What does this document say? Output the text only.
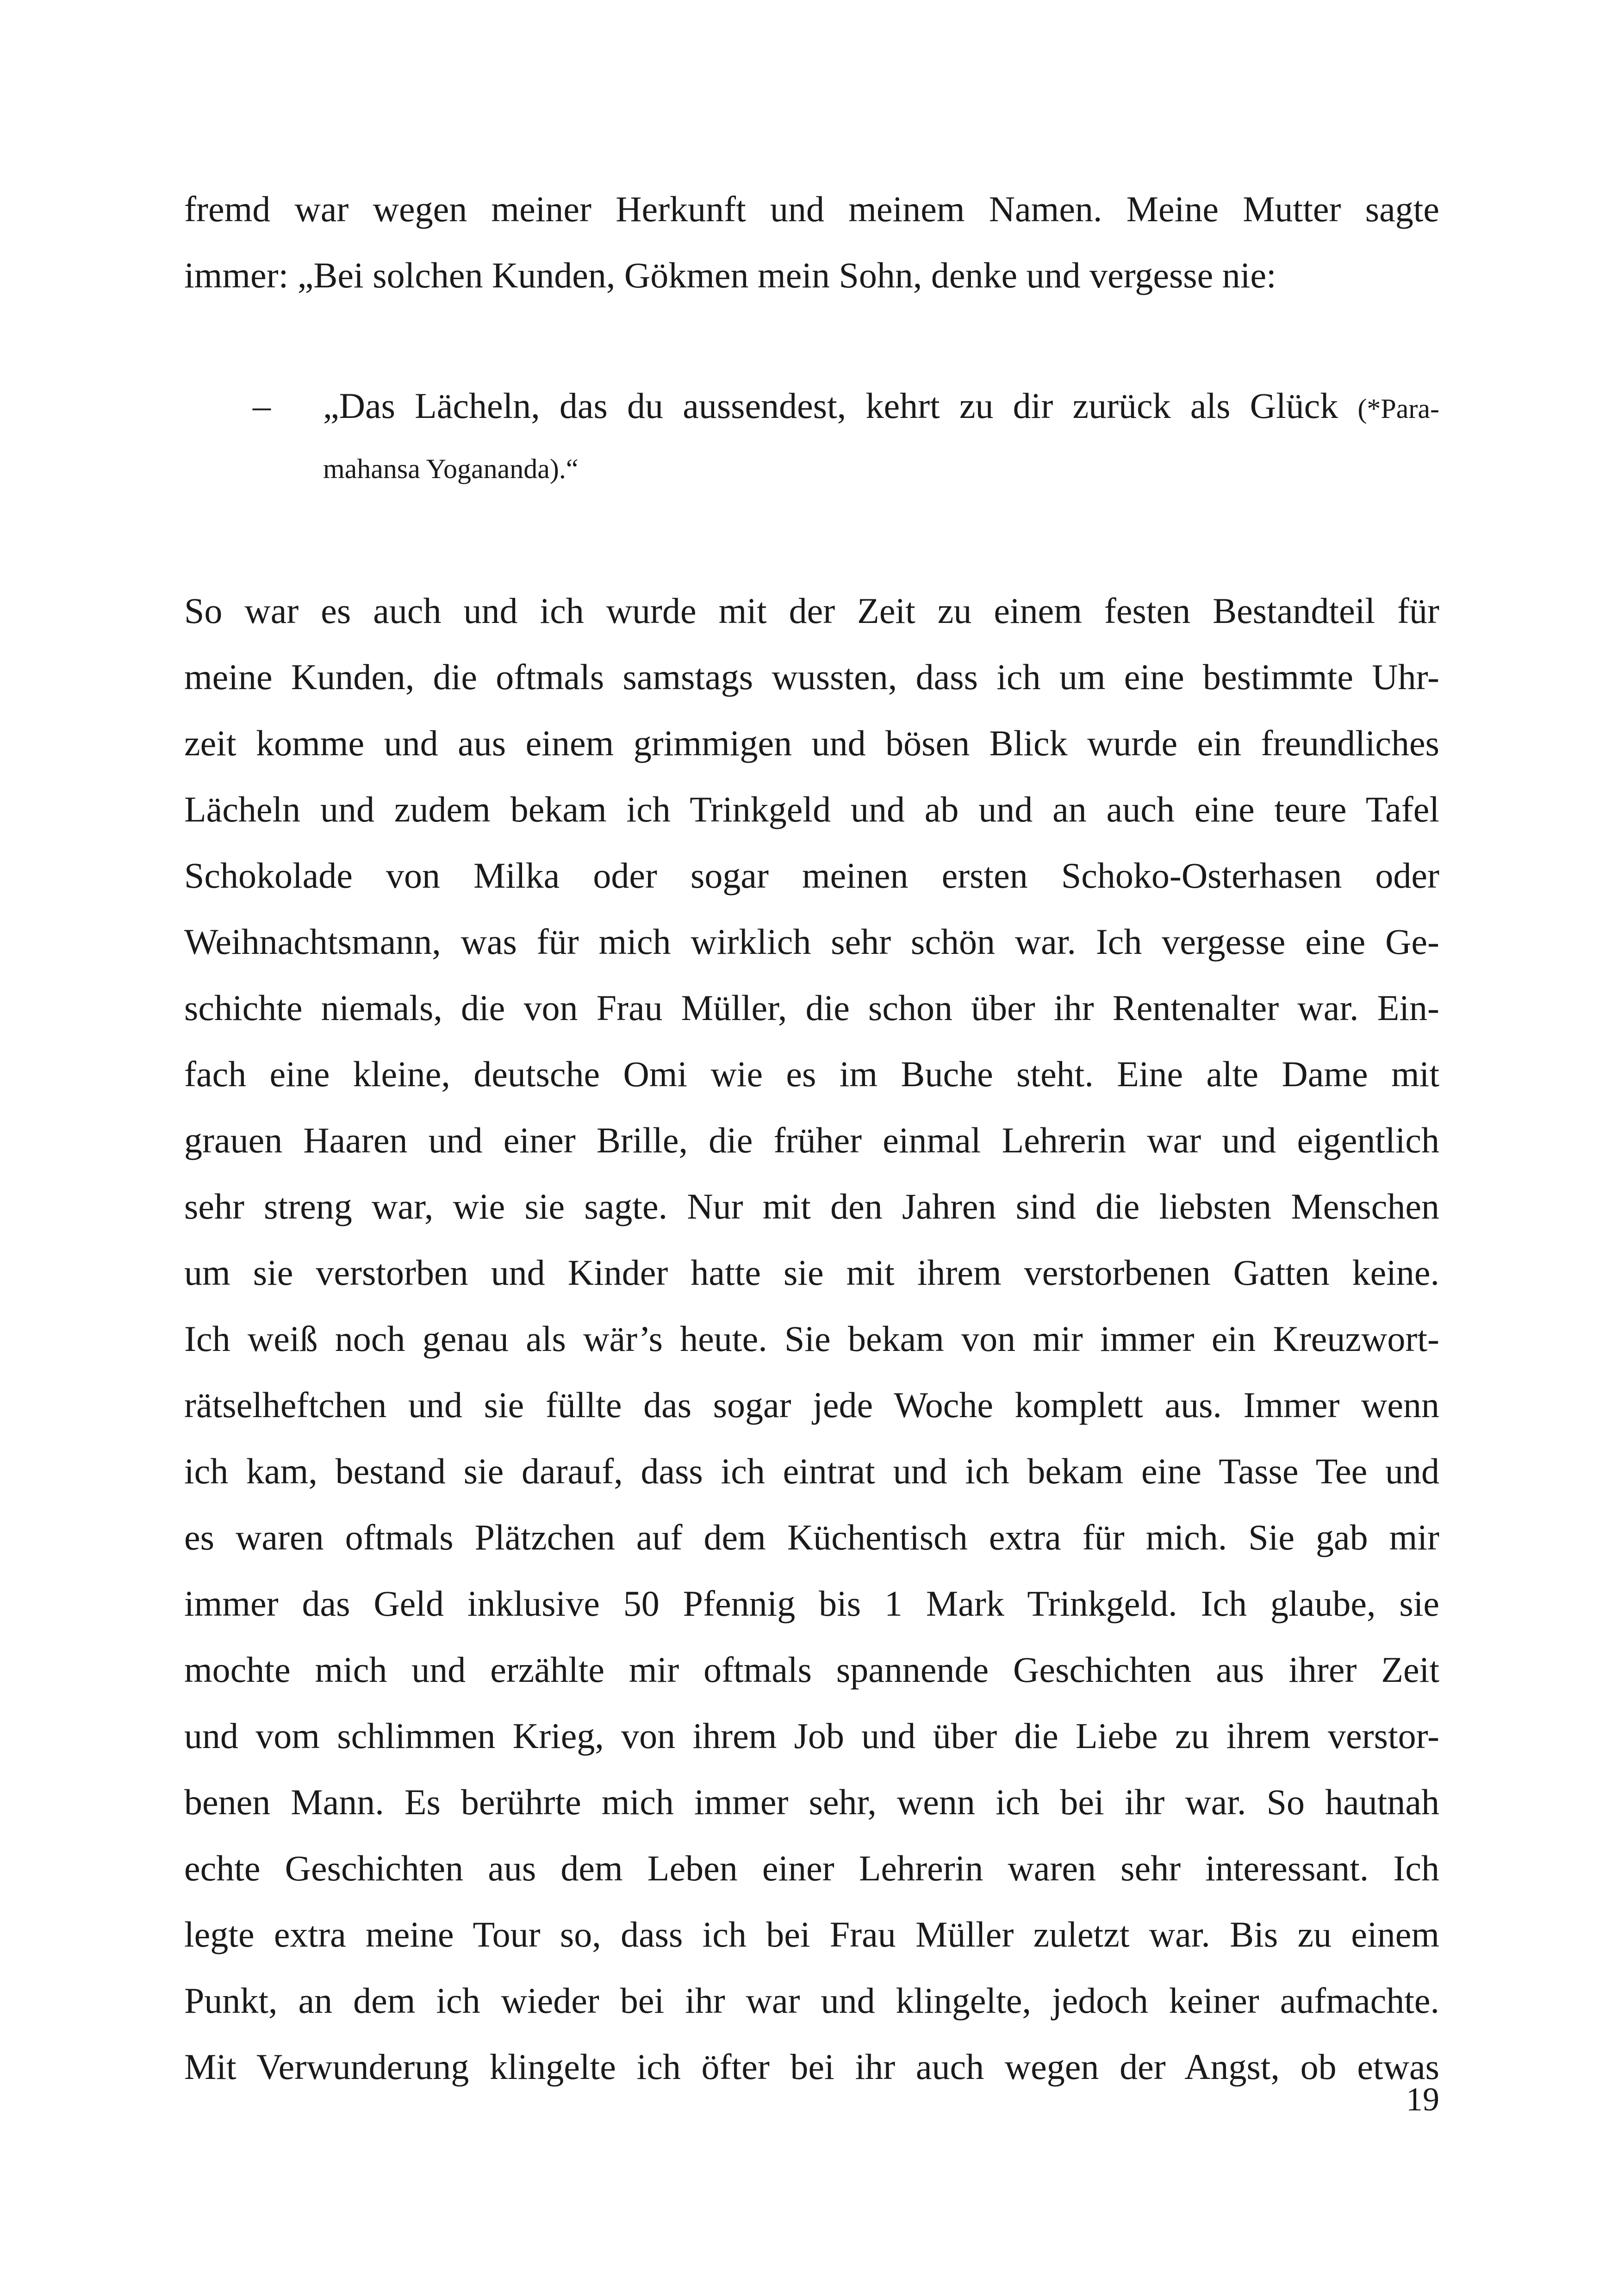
fremd war wegen meiner Herkunft und meinem Namen. Meine Mutter sagte
immer: „Bei solchen Kunden, Gökmen mein Sohn, denke und vergesse nie:
– „Das Lächeln, das du aussendest, kehrt zu dir zurück als Glück (*Para-
mahansa Yogananda).“
So war es auch und ich wurde mit der Zeit zu einem festen Bestandteil für
meine Kunden, die oftmals samstags wussten, dass ich um eine bestimmte Uhr-
zeit komme und aus einem grimmigen und bösen Blick wurde ein freundliches
Lächeln und zudem bekam ich Trinkgeld und ab und an auch eine teure Tafel
Schokolade von Milka oder sogar meinen ersten Schoko-Osterhasen oder
Weihnachtsmann, was für mich wirklich sehr schön war. Ich vergesse eine Ge-
schichte niemals, die von Frau Müller, die schon über ihr Rentenalter war. Ein-
fach eine kleine, deutsche Omi wie es im Buche steht. Eine alte Dame mit
grauen Haaren und einer Brille, die früher einmal Lehrerin war und eigentlich
sehr streng war, wie sie sagte. Nur mit den Jahren sind die liebsten Menschen
um sie verstorben und Kinder hatte sie mit ihrem verstorbenen Gatten keine.
Ich weiß noch genau als wär’s heute. Sie bekam von mir immer ein Kreuzwort-
rätselheftchen und sie füllte das sogar jede Woche komplett aus. Immer wenn
ich kam, bestand sie darauf, dass ich eintrat und ich bekam eine Tasse Tee und
es waren oftmals Plätzchen auf dem Küchentisch extra für mich. Sie gab mir
immer das Geld inklusive 50 Pfennig bis 1 Mark Trinkgeld. Ich glaube, sie
mochte mich und erzählte mir oftmals spannende Geschichten aus ihrer Zeit
und vom schlimmen Krieg, von ihrem Job und über die Liebe zu ihrem verstor-
benen Mann. Es berührte mich immer sehr, wenn ich bei ihr war. So hautnah
echte Geschichten aus dem Leben einer Lehrerin waren sehr interessant. Ich
legte extra meine Tour so, dass ich bei Frau Müller zuletzt war. Bis zu einem
Punkt, an dem ich wieder bei ihr war und klingelte, jedoch keiner aufmachte.
Mit Verwunderung klingelte ich öfter bei ihr auch wegen der Angst, ob etwas
19
